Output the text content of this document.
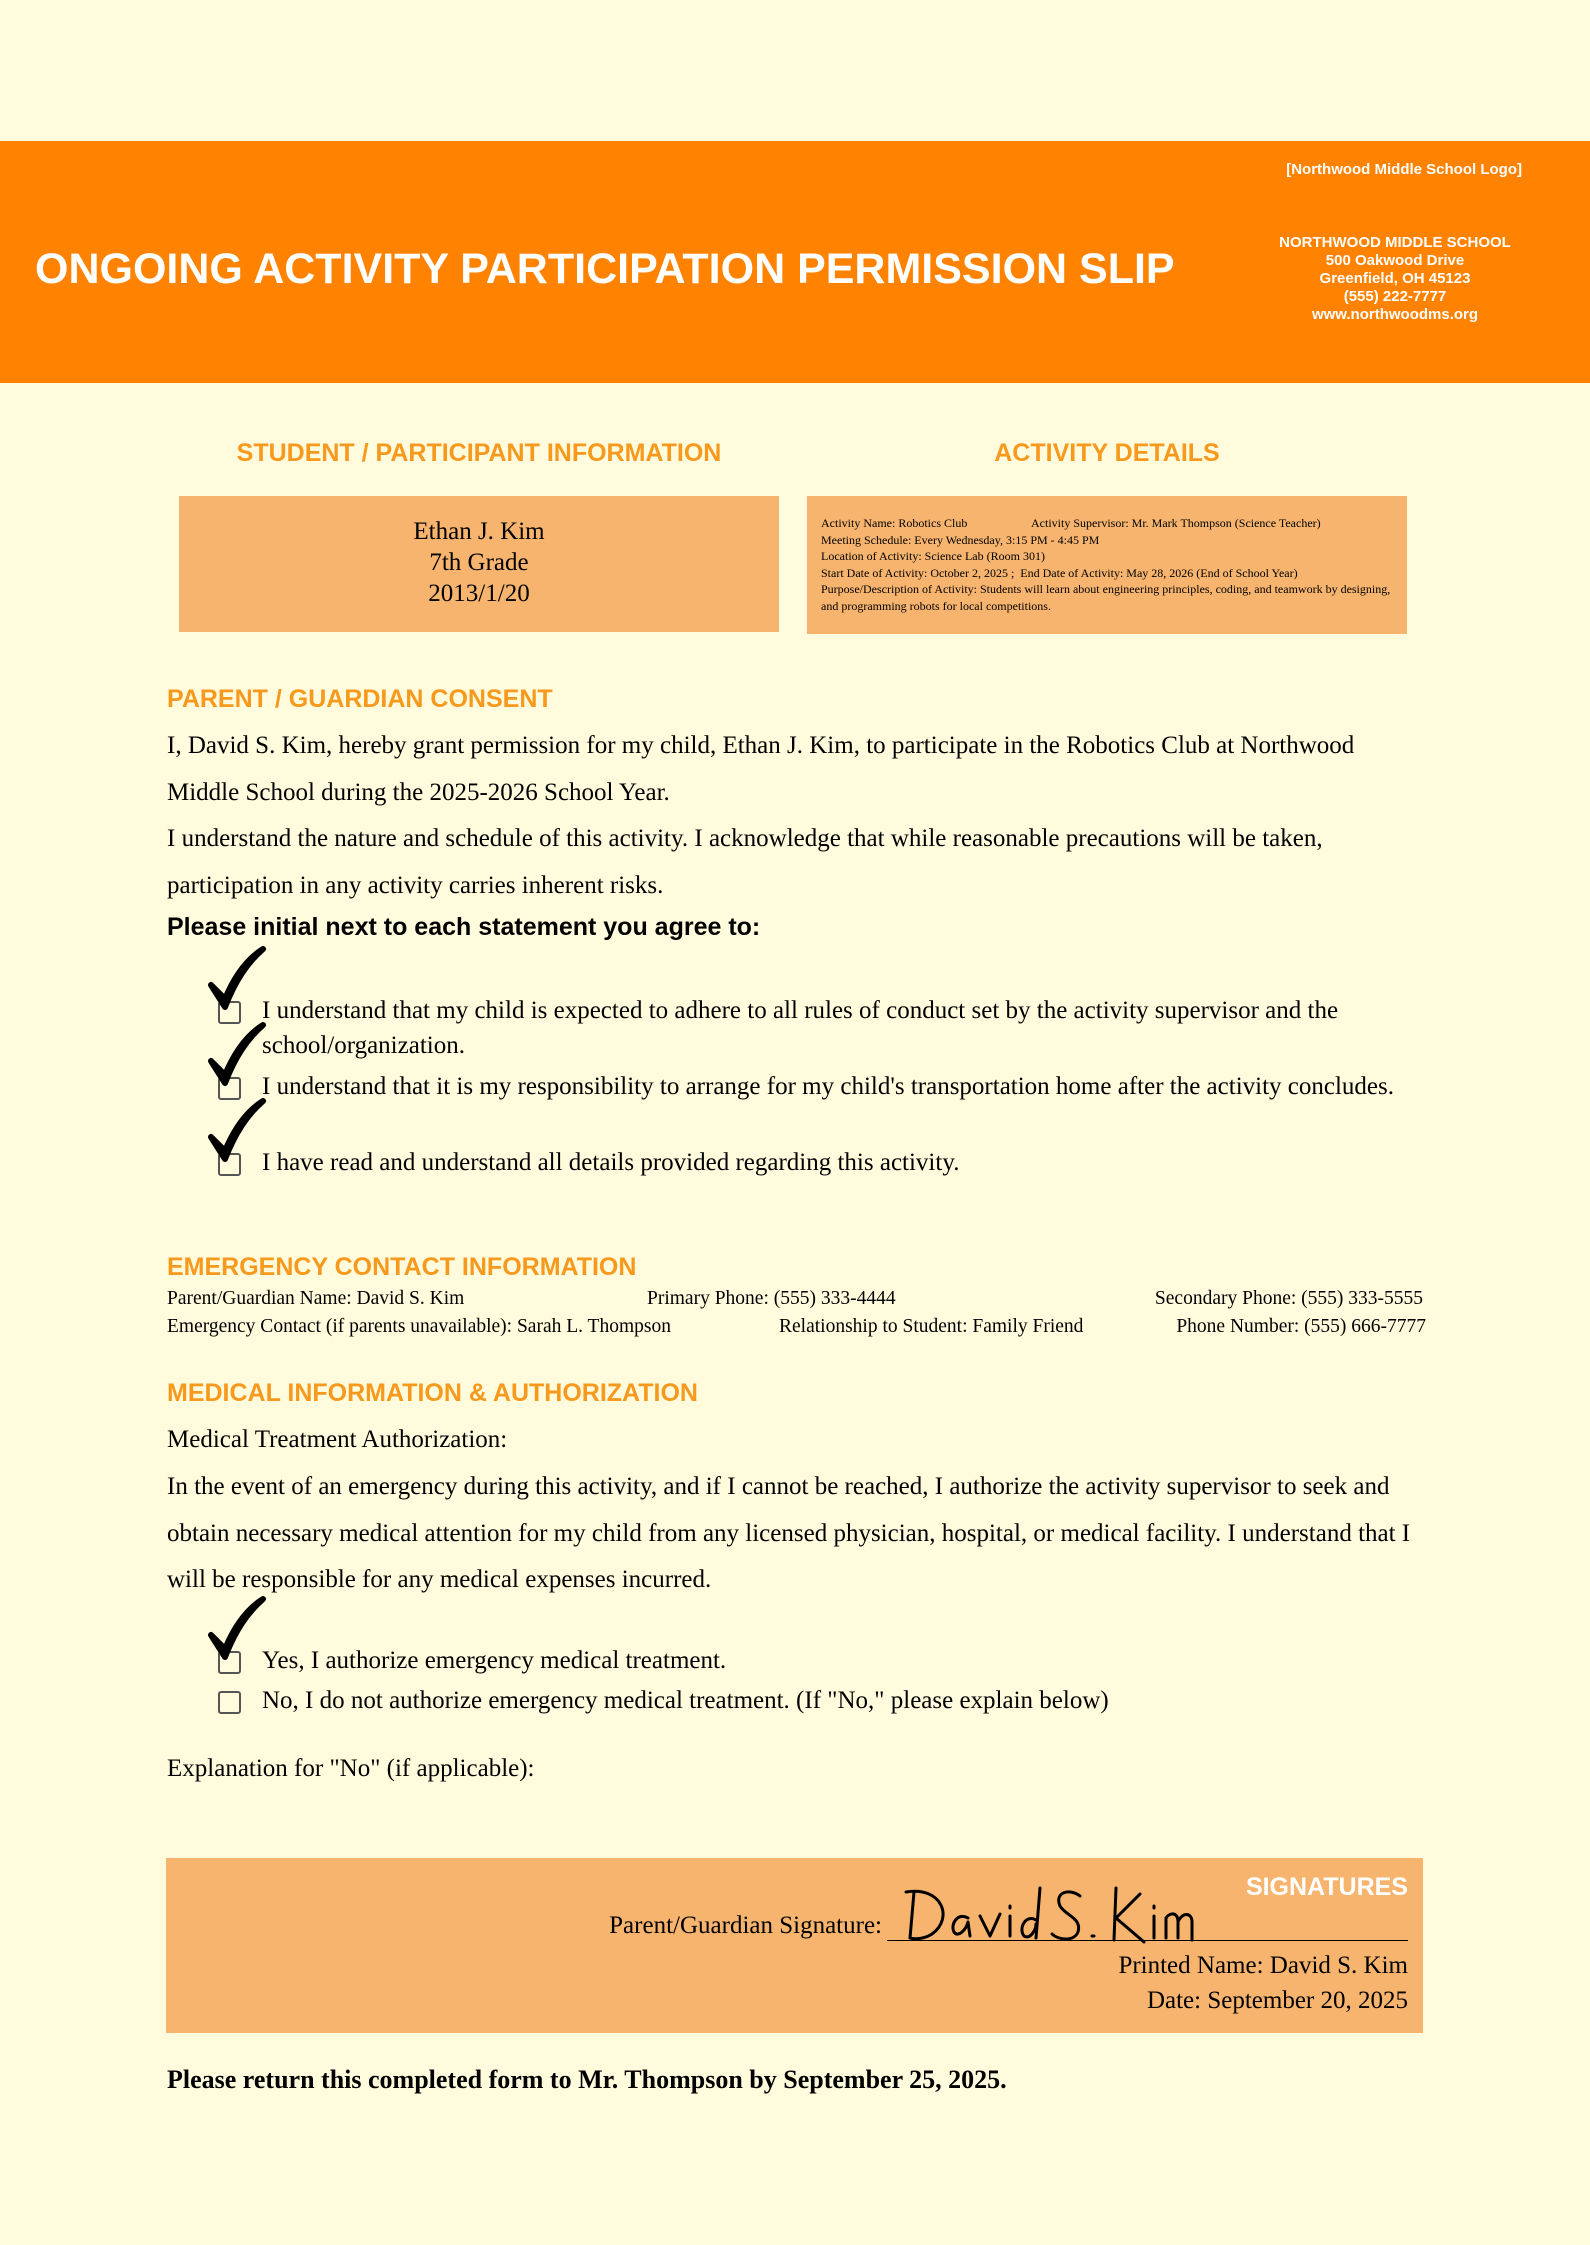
ONGOING ACTIVITY PARTICIPATION PERMISSION SLIP
[Northwood Middle School Logo]
NORTHWOOD MIDDLE SCHOOL
500 Oakwood Drive
Greenfield, OH 45123
(555) 222-7777
www.northwoodms.org
STUDENT / PARTICIPANT INFORMATION	ACTIVITY DETAILS
Ethan J. Kim
7th Grade
2013/1/20
Activity Name: Robotics Club	Activity Supervisor: Mr. Mark Thompson (Science Teacher)
Meeting Schedule: Every Wednesday, 3:15 PM - 4:45 PM
Location of Activity: Science Lab (Room 301)
Start Date of Activity: October 2, 2025 ; End Date of Activity: May 28, 2026 (End of School Year)
Purpose/Description of Activity: Students will learn about engineering principles, coding, and teamwork by designing, and programming robots for local competitions.
PARENT / GUARDIAN CONSENT
I, David S. Kim, hereby grant permission for my child, Ethan J. Kim, to participate in the Robotics Club at Northwood Middle School during the 2025-2026 School Year.
I understand the nature and schedule of this activity. I acknowledge that while reasonable precautions will be taken, participation in any activity carries inherent risks.
Please initial next to each statement you agree to:
I understand that my child is expected to adhere to all rules of conduct set by the activity supervisor and the school/organization.
I understand that it is my responsibility to arrange for my child's transportation home after the activity concludes.
I have read and understand all details provided regarding this activity.
EMERGENCY CONTACT INFORMATION
Parent/Guardian Name: David S. Kim	Primary Phone: (555) 333-4444	Secondary Phone: (555) 333-5555
Emergency Contact (if parents unavailable): Sarah L. Thompson	Relationship to Student: Family Friend	Phone Number: (555) 666-7777
MEDICAL INFORMATION & AUTHORIZATION
Medical Treatment Authorization:
In the event of an emergency during this activity, and if I cannot be reached, I authorize the activity supervisor to seek and obtain necessary medical attention for my child from any licensed physician, hospital, or medical facility. I understand that I will be responsible for any medical expenses incurred.
Yes, I authorize emergency medical treatment.
No, I do not authorize emergency medical treatment. (If "No," please explain below)
Explanation for "No" (if applicable):
SIGNATURES
Parent/Guardian Signature:
Printed Name: David S. Kim
Date: September 20, 2025
Please return this completed form to Mr. Thompson by September 25, 2025.
